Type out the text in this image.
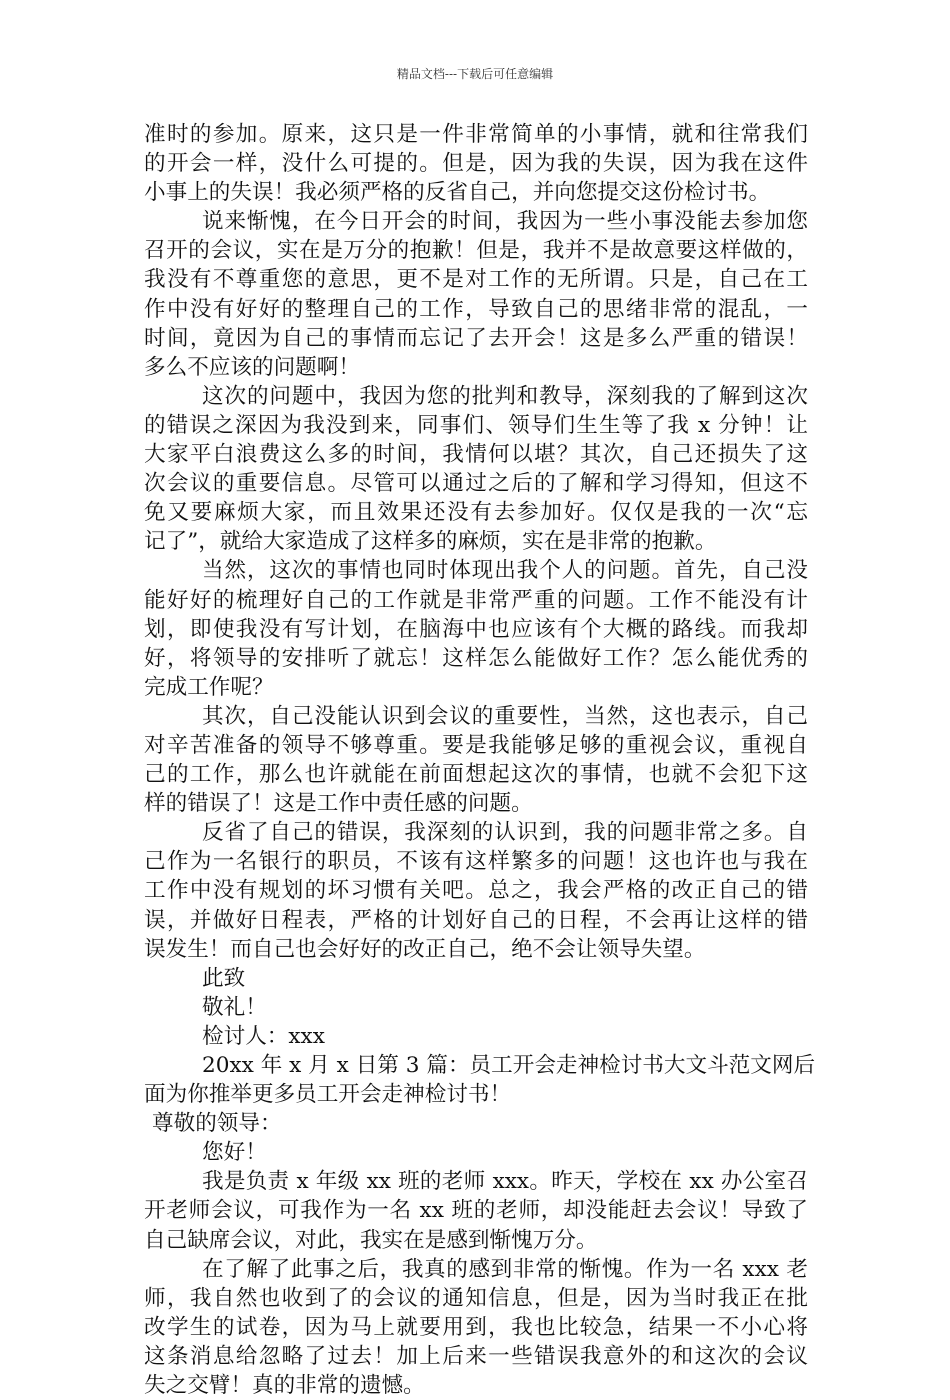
精品文档---下载后可任意编辑
准时的参加。原来，这只是一件非常简单的小事情，就和往常我们
的开会一样，没什么可提的。但是，因为我的失误，因为我在这件
小事上的失误！我必须严格的反省自己，并向您提交这份检讨书。
说来惭愧，在今日开会的时间，我因为一些小事没能去参加您
召开的会议，实在是万分的抱歉！但是，我并不是故意要这样做的，
我没有不尊重您的意思，更不是对工作的无所谓。只是，自己在工
作中没有好好的整理自己的工作，导致自己的思绪非常的混乱，一
时间，竟因为自己的事情而忘记了去开会！这是多么严重的错误！
多么不应该的问题啊！
这次的问题中，我因为您的批判和教导，深刻我的了解到这次
的错误之深因为我没到来，同事们、领导们生生等了我 x 分钟！让
大家平白浪费这么多的时间，我情何以堪？其次，自己还损失了这
次会议的重要信息。尽管可以通过之后的了解和学习得知，但这不
免又要麻烦大家，而且效果还没有去参加好。仅仅是我的一次“忘
记了”，就给大家造成了这样多的麻烦，实在是非常的抱歉。
当然，这次的事情也同时体现出我个人的问题。首先，自己没
能好好的梳理好自己的工作就是非常严重的问题。工作不能没有计
划，即使我没有写计划，在脑海中也应该有个大概的路线。而我却
好，将领导的安排听了就忘！这样怎么能做好工作？怎么能优秀的
完成工作呢？
其次，自己没能认识到会议的重要性，当然，这也表示，自己
对辛苦准备的领导不够尊重。要是我能够足够的重视会议，重视自
己的工作，那么也许就能在前面想起这次的事情，也就不会犯下这
样的错误了！这是工作中责任感的问题。
反省了自己的错误，我深刻的认识到，我的问题非常之多。自
己作为一名银行的职员，不该有这样繁多的问题！这也许也与我在
工作中没有规划的坏习惯有关吧。总之，我会严格的改正自己的错
误，并做好日程表，严格的计划好自己的日程，不会再让这样的错
误发生！而自己也会好好的改正自己，绝不会让领导失望。
此致
敬礼！
检讨人：xxx
20xx 年 x 月 x 日第 3 篇：员工开会走神检讨书大文斗范文网后
面为你推举更多员工开会走神检讨书！
尊敬的领导：
您好！
我是负责 x 年级 xx 班的老师 xxx。昨天，学校在 xx 办公室召
开老师会议，可我作为一名 xx 班的老师，却没能赶去会议！导致了
自己缺席会议，对此，我实在是感到惭愧万分。
在了解了此事之后，我真的感到非常的惭愧。作为一名 xxx 老
师，我自然也收到了的会议的通知信息，但是，因为当时我正在批
改学生的试卷，因为马上就要用到，我也比较急，结果一不小心将
这条消息给忽略了过去！加上后来一些错误我意外的和这次的会议
失之交臂！真的非常的遗憾。
